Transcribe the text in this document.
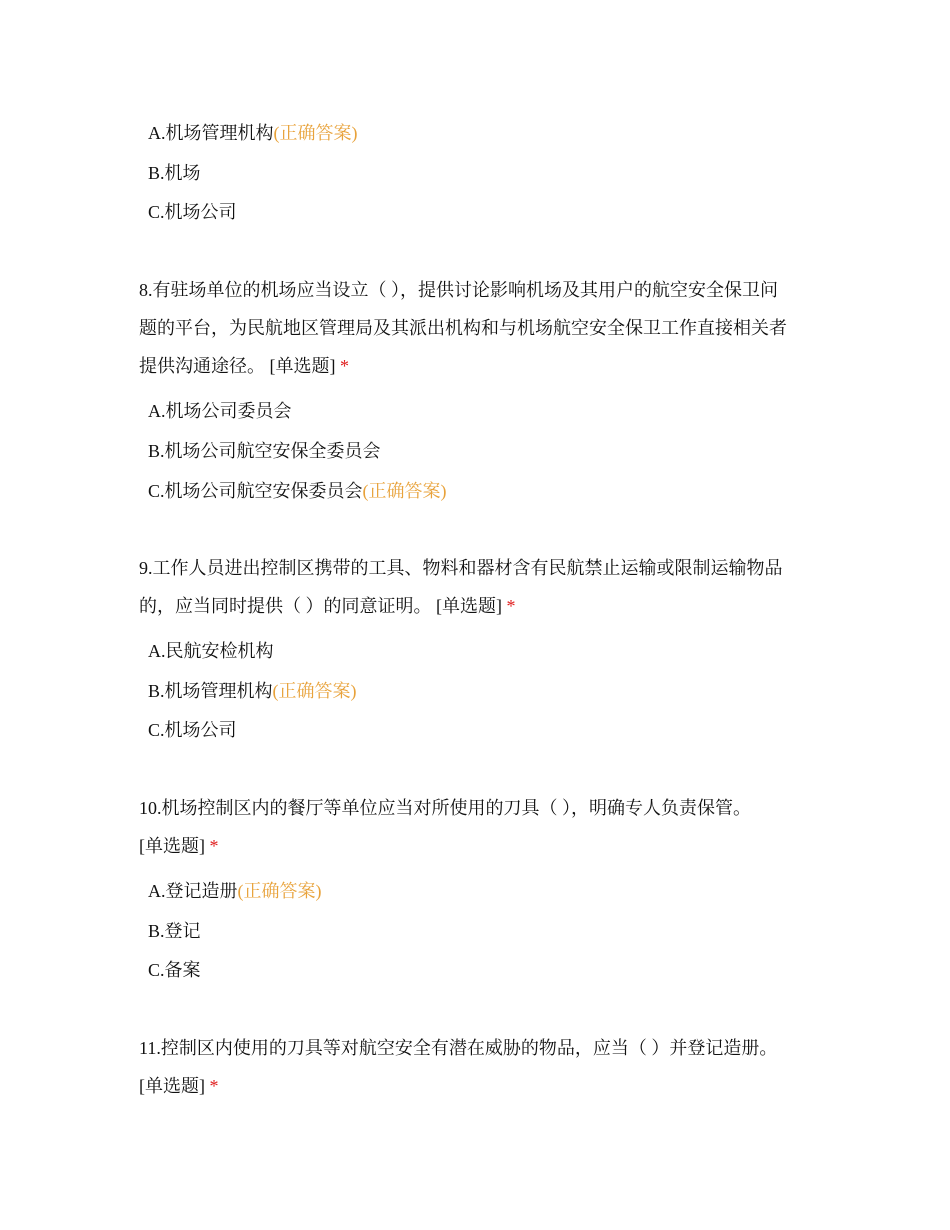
A.机场管理机构(正确答案)
B.机场
C.机场公司
8.有驻场单位的机场应当设立（ ），提供讨论影响机场及其用户的航空安全保卫问
题的平台，为民航地区管理局及其派出机构和与机场航空安全保卫工作直接相关者
提供沟通途径。 [单选题] *
A.机场公司委员会
B.机场公司航空安保全委员会
C.机场公司航空安保委员会(正确答案)
9.工作人员进出控制区携带的工具、物料和器材含有民航禁止运输或限制运输物品
的，应当同时提供（ ）的同意证明。 [单选题] *
A.民航安检机构
B.机场管理机构(正确答案)
C.机场公司
10.机场控制区内的餐厅等单位应当对所使用的刀具（ ），明确专人负责保管。
[单选题] *
A.登记造册(正确答案)
B.登记
C.备案
11.控制区内使用的刀具等对航空安全有潜在威胁的物品，应当（ ）并登记造册。
[单选题] *
